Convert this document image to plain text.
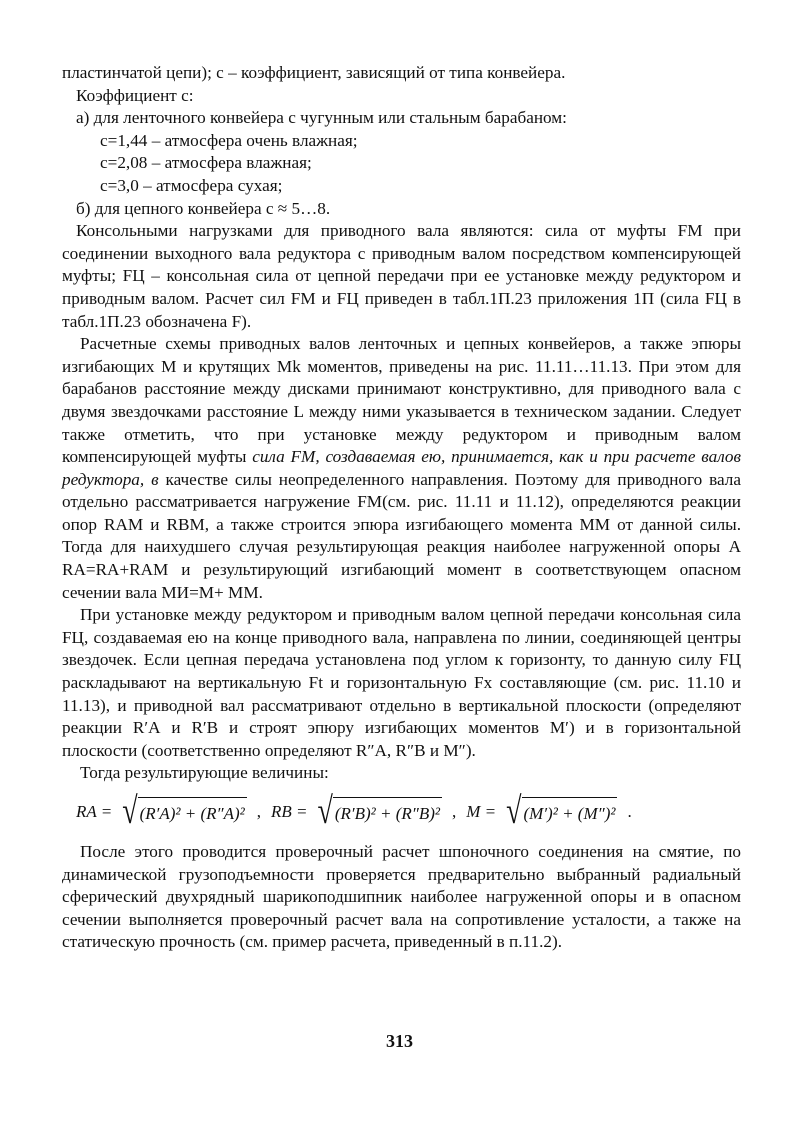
пластинчатой цепи); c – коэффициент, зависящий от типа конвейера.

Коэффициент c:

а) для ленточного конвейера с чугунным или стальным барабаном:

c=1,44 – атмосфера очень влажная;

c=2,08 – атмосфера влажная;

c=3,0 – атмосфера сухая;

б) для цепного конвейера c ≈ 5…8.

Консольными нагрузками для приводного вала являются: сила от муфты FМ при соединении выходного вала редуктора с приводным валом посредством компенсирующей муфты; FЦ – консольная сила от цепной передачи при ее установке между редуктором и приводным валом. Расчет сил FМ и FЦ приведен в табл.1П.23 приложения 1П (сила FЦ в табл.1П.23 обозначена F).

Расчетные схемы приводных валов ленточных и цепных конвейеров, а также эпюры изгибающих M и крутящих Mk моментов, приведены на рис. 11.11…11.13. При этом для барабанов расстояние между дисками принимают конструктивно, для приводного вала с двумя звездочками расстояние L между ними указывается в техническом задании. Следует также отметить, что при установке между редуктором и приводным валом компенсирующей муфты сила FМ, создаваемая ею, принимается, как и при расчете валов редуктора, в качестве силы неопределенного направления. Поэтому для приводного вала отдельно рассматривается нагружение FМ(см. рис. 11.11 и 11.12), определяются реакции опор RАМ и RВМ, а также строится эпюра изгибающего момента MМ от данной силы. Тогда для наихудшего случая результирующая реакция наиболее нагруженной опоры A RА=RА+RАМ и результирующий изгибающий момент в соответствующем опасном сечении вала MИ=M+ MМ.

При установке между редуктором и приводным валом цепной передачи консольная сила FЦ, создаваемая ею на конце приводного вала, направлена по линии, соединяющей центры звездочек. Если цепная передача установлена под углом к горизонту, то данную силу FЦ раскладывают на вертикальную Ft и горизонтальную Fx составляющие (см. рис. 11.10 и 11.13), и приводной вал рассматривают отдельно в вертикальной плоскости (определяют реакции R′А и R′В и строят эпюру изгибающих моментов M′) и в горизонтальной плоскости (соответственно определяют R″А, R″В и M″).

Тогда результирующие величины:

RA = √ (R′A)² + (R″A)² , RB = √ (R′B)² + (R″B)² , M = √ (M′)² + (M″)² .

После этого проводится проверочный расчет шпоночного соединения на смятие, по динамической грузоподъемности проверяется предварительно выбранный радиальный сферический двухрядный шарикоподшипник наиболее нагруженной опоры и в опасном сечении выполняется проверочный расчет вала на сопротивление усталости, а также на статическую прочность (см. пример расчета, приведенный в п.11.2).

313
